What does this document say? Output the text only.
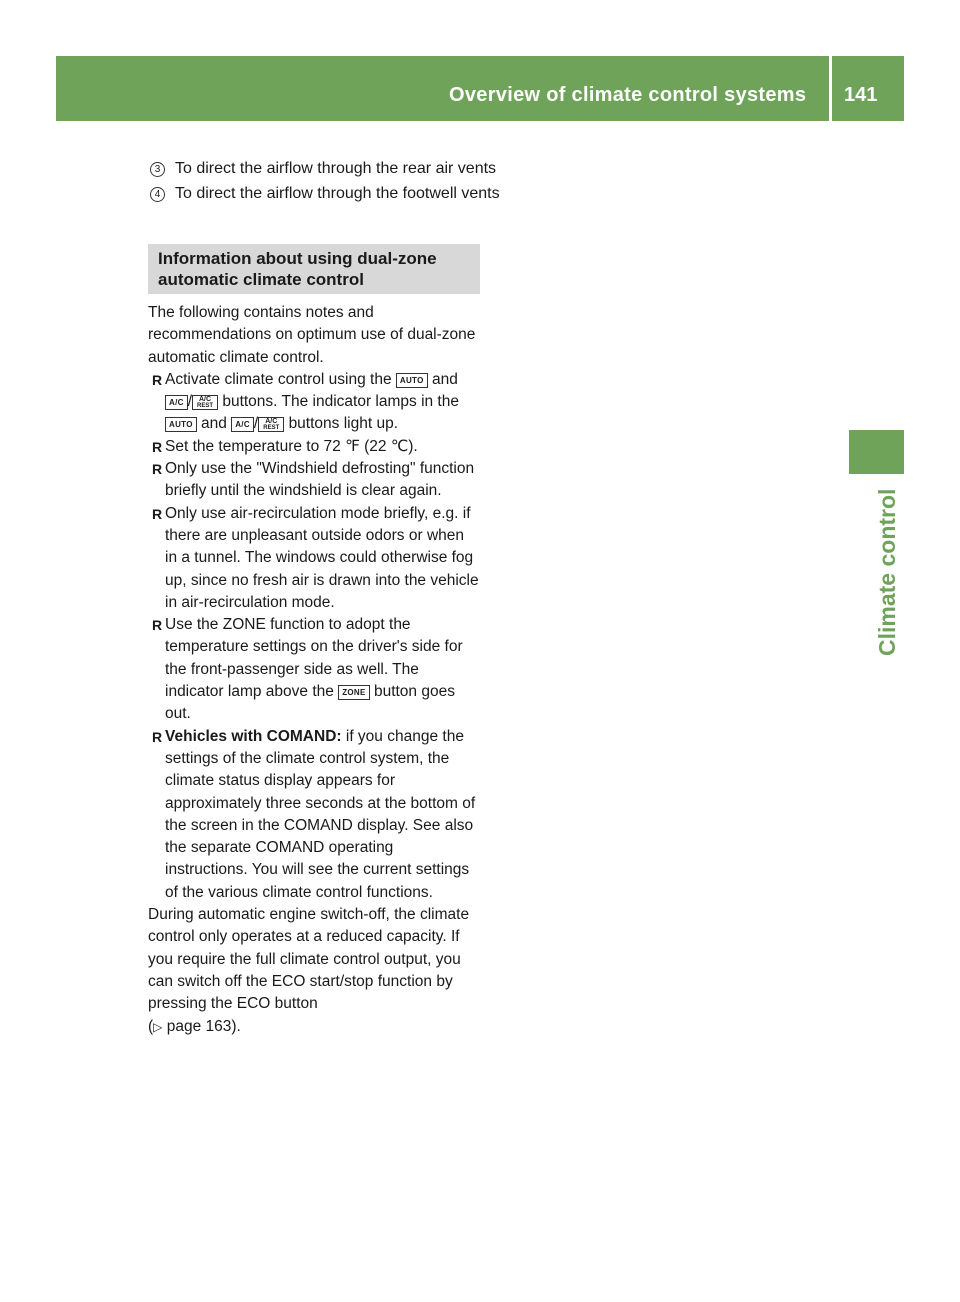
Overview of climate control systems 141
Climate control
3 To direct the airflow through the rear air vents
4 To direct the airflow through the footwell vents
Information about using dual-zone
automatic climate control

The following contains notes and recommendations on optimum use of dual-zone automatic climate control.

R Activate climate control using the AUTO and A/C / A/C
REST buttons. The indicator lamps in the AUTO and A/C / A/C
REST buttons light up.

R Set the temperature to 72 ℉ (22 ℃).

R Only use the "Windshield defrosting" function briefly until the windshield is clear again.

R Only use air-recirculation mode briefly, e.g. if there are unpleasant outside odors or when in a tunnel. The windows could otherwise fog up, since no fresh air is drawn into the vehicle in air-recirculation mode.

R Use the ZONE function to adopt the temperature settings on the driver's side for the front-passenger side as well. The indicator lamp above the ZONE button goes out.

R Vehicles with COMAND: if you change the settings of the climate control system, the climate status display appears for approximately three seconds at the bottom of the screen in the COMAND display. See also the separate COMAND operating instructions. You will see the current settings of the various climate control functions.

During automatic engine switch-off, the climate control only operates at a reduced capacity. If you require the full climate control output, you can switch off the ECO start/stop function by pressing the ECO button
(▷ page 163).
